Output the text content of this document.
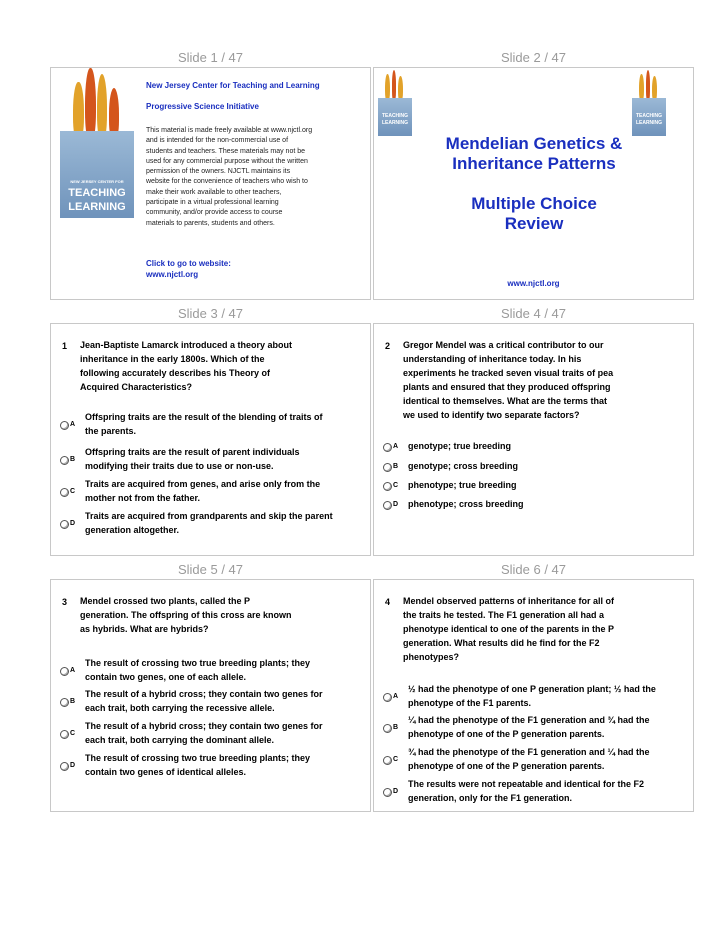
Slide 1 / 47	Slide 2 / 47
Slide 3 / 47	Slide 4 / 47
Slide 5 / 47	Slide 6 / 47
NEW JERSEY CENTER FOR
TEACHING
LEARNING
New Jersey Center for Teaching and Learning
Progressive Science Initiative
This material is made freely available at www.njctl.org
and is intended for the non-commercial use of
students and teachers. These materials may not be
used for any commercial purpose without the written
permission of the owners. NJCTL maintains its
website for the convenience of teachers who wish to
make their work available to other teachers,
participate in a virtual professional learning
community, and/or provide access to course
materials to parents, students and others.
Click to go to website:
www.njctl.org
TEACHING
LEARNING
TEACHING
LEARNING
Mendelian Genetics &
Inheritance Patterns
Multiple Choice
Review
www.njctl.org
1 Jean-Baptiste Lamarck introduced a theory about
inheritance in the early 1800s. Which of the
following accurately describes his Theory of
Acquired Characteristics?
A
Offspring traits are the result of the blending of traits of
the parents.
B
Offspring traits are the result of parent individuals
modifying their traits due to use or non-use.
C
Traits are acquired from genes, and arise only from the
mother not from the father.
D
Traits are acquired from grandparents and skip the parent
generation altogether.
2 Gregor Mendel was a critical contributor to our
understanding of inheritance today. In his
experiments he tracked seven visual traits of pea
plants and ensured that they produced offspring
identical to themselves. What are the terms that
we used to identify two separate factors?
A genotype; true breeding
B genotype; cross breeding
C phenotype; true breeding
D phenotype; cross breeding
3 Mendel crossed two plants, called the P
generation. The offspring of this cross are known
as hybrids. What are hybrids?
A
The result of crossing two true breeding plants; they
contain two genes, one of each allele.
B
The result of a hybrid cross; they contain two genes for
each trait, both carrying the recessive allele.
C
The result of a hybrid cross; they contain two genes for
each trait, both carrying the dominant allele.
D
The result of crossing two true breeding plants; they
contain two genes of identical alleles.
4 Mendel observed patterns of inheritance for all of
the traits he tested. The F1 generation all had a
phenotype identical to one of the parents in the P
generation. What results did he find for the F2
phenotypes?
A
½ had the phenotype of one P generation plant; ½ had the
phenotype of the F1 parents.
B
¼ had the phenotype of the F1 generation and ¾ had the
phenotype of one of the P generation parents.
C
¾ had the phenotype of the F1 generation and ¼ had the
phenotype of one of the P generation parents.
D
The results were not repeatable and identical for the F2
generation, only for the F1 generation.
